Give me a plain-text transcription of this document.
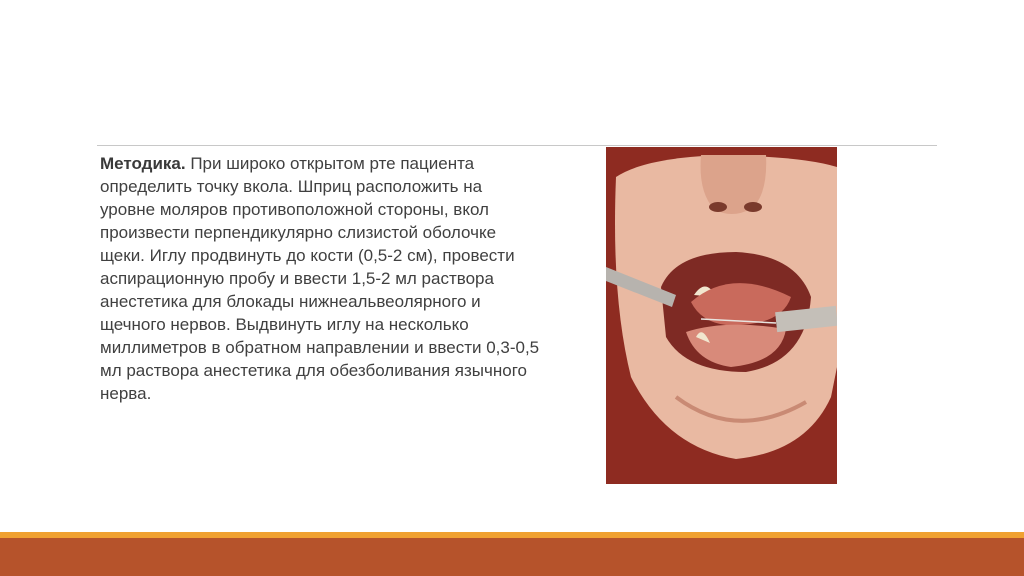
Методика. При широко открытом рте пациента определить точку вкола. Шприц расположить на уровне моляров противоположной стороны, вкол произвести перпендикулярно слизистой оболочке щеки. Иглу продвинуть до кости (0,5-2 см), провести аспирационную пробу и ввести 1,5-2 мл раствора анестетика для блокады нижнеальвеолярного и щечного нервов. Выдвинуть иглу на несколько миллиметров в обратном направлении и ввести 0,3-0,5 мл раствора анестетика для обезболивания язычного нерва.
